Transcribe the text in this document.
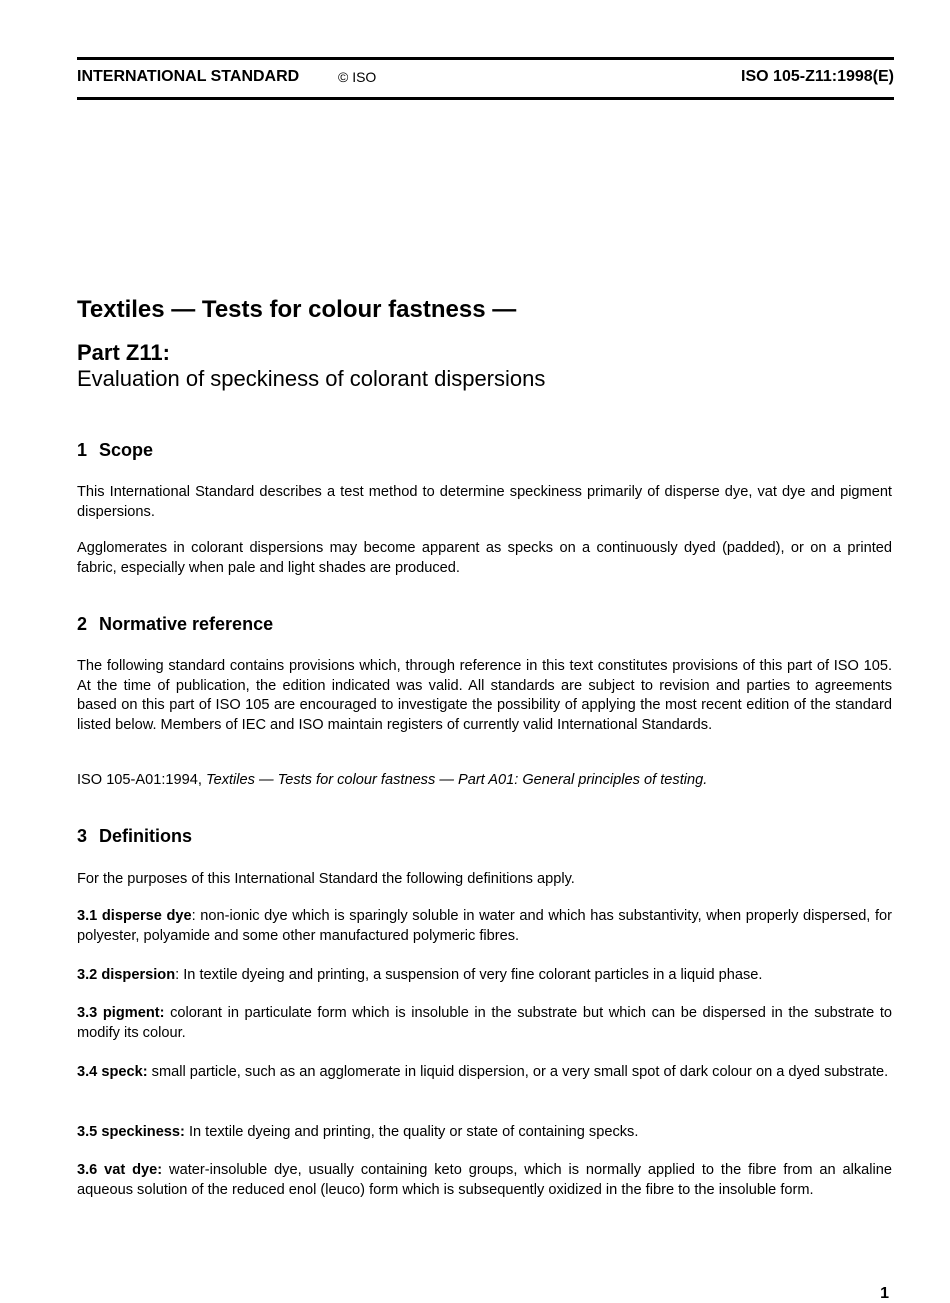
INTERNATIONAL STANDARD	© ISO	ISO 105-Z11:1998(E)
Textiles — Tests for colour fastness —
Part Z11:
Evaluation of speckiness of colorant dispersions
1 Scope
This International Standard describes a test method to determine speckiness primarily of disperse dye, vat dye and pigment dispersions.
Agglomerates in colorant dispersions may become apparent as specks on a continuously dyed (padded), or on a printed fabric, especially when pale and light shades are produced.
2 Normative reference
The following standard contains provisions which, through reference in this text constitutes provisions of this part of ISO 105. At the time of publication, the edition indicated was valid. All standards are subject to revision and parties to agreements based on this part of ISO 105 are encouraged to investigate the possibility of applying the most recent edition of the standard listed below. Members of IEC and ISO maintain registers of currently valid International Standards.
ISO 105-A01:1994, Textiles — Tests for colour fastness — Part A01: General principles of testing.
3 Definitions
For the purposes of this International Standard the following definitions apply.
3.1 disperse dye: non-ionic dye which is sparingly soluble in water and which has substantivity, when properly dispersed, for polyester, polyamide and some other manufactured polymeric fibres.
3.2 dispersion: In textile dyeing and printing, a suspension of very fine colorant particles in a liquid phase.
3.3 pigment: colorant in particulate form which is insoluble in the substrate but which can be dispersed in the substrate to modify its colour.
3.4 speck: small particle, such as an agglomerate in liquid dispersion, or a very small spot of dark colour on a dyed substrate.
3.5 speckiness: In textile dyeing and printing, the quality or state of containing specks.
3.6 vat dye: water-insoluble dye, usually containing keto groups, which is normally applied to the fibre from an alkaline aqueous solution of the reduced enol (leuco) form which is subsequently oxidized in the fibre to the insoluble form.
1
